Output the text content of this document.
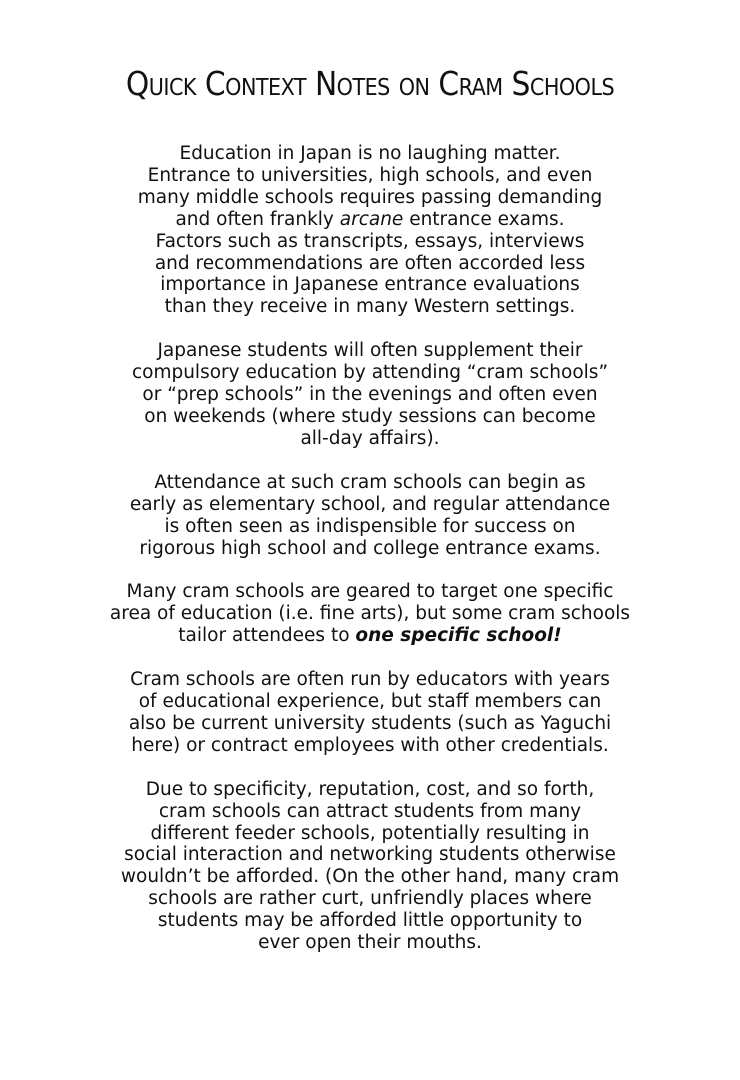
Quick Context Notes on Cram Schools

Education in Japan is no laughing matter.
Entrance to universities, high schools, and even
many middle schools requires passing demanding
and often frankly arcane entrance exams.
Factors such as transcripts, essays, interviews
and recommendations are often accorded less
importance in Japanese entrance evaluations
than they receive in many Western settings.

Japanese students will often supplement their
compulsory education by attending “cram schools”
or “prep schools” in the evenings and often even
on weekends (where study sessions can become
all-day affairs).

Attendance at such cram schools can begin as
early as elementary school, and regular attendance
is often seen as indispensible for success on
rigorous high school and college entrance exams.

Many cram schools are geared to target one specific
area of education (i.e. fine arts), but some cram schools
tailor attendees to one specific school!

Cram schools are often run by educators with years
of educational experience, but staff members can
also be current university students (such as Yaguchi
here) or contract employees with other credentials.

Due to specificity, reputation, cost, and so forth,
cram schools can attract students from many
different feeder schools, potentially resulting in
social interaction and networking students otherwise
wouldn’t be afforded. (On the other hand, many cram
schools are rather curt, unfriendly places where
students may be afforded little opportunity to
ever open their mouths.
